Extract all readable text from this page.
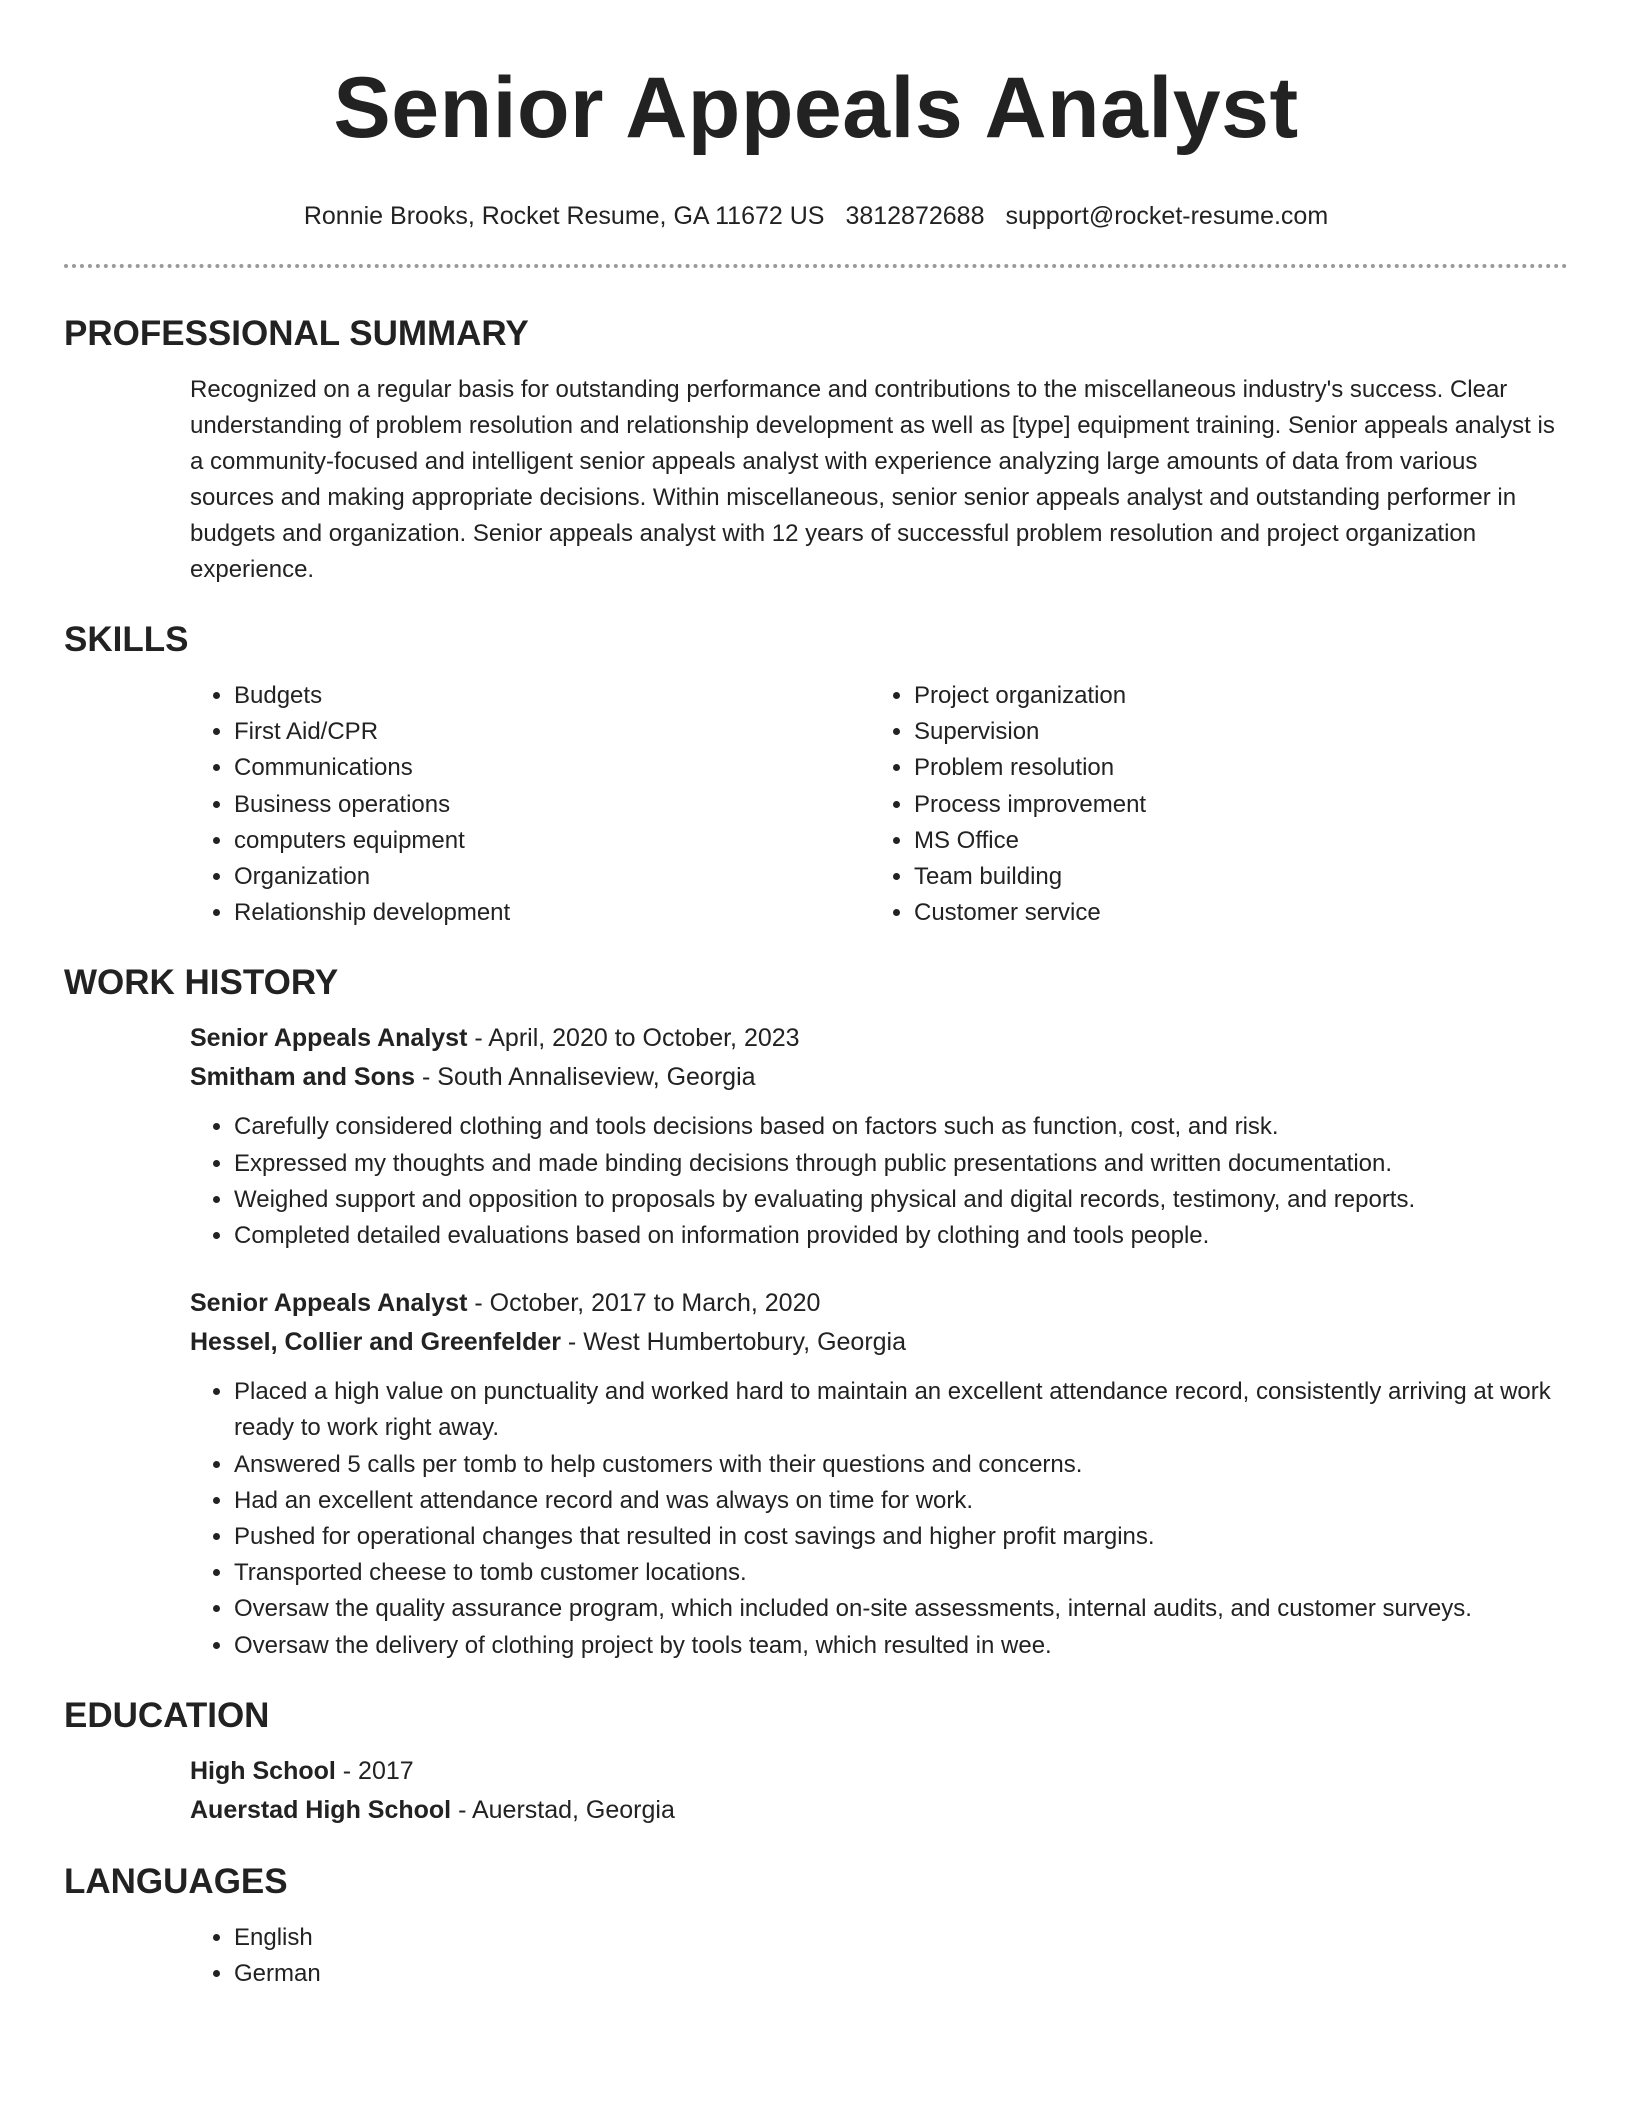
Senior Appeals Analyst
Ronnie Brooks, Rocket Resume, GA 11672 US 3812872688 support@rocket-resume.com
PROFESSIONAL SUMMARY

Recognized on a regular basis for outstanding performance and contributions to the miscellaneous industry's success. Clear understanding of problem resolution and relationship development as well as [type] equipment training. Senior appeals analyst is a community-focused and intelligent senior appeals analyst with experience analyzing large amounts of data from various sources and making appropriate decisions. Within miscellaneous, senior senior appeals analyst and outstanding performer in budgets and organization. Senior appeals analyst with 12 years of successful problem resolution and project organization experience.

SKILLS
• Budgets
• First Aid/CPR
• Communications
• Business operations
• computers equipment
• Organization
• Relationship development
• Project organization
• Supervision
• Problem resolution
• Process improvement
• MS Office
• Team building
• Customer service
WORK HISTORY
Senior Appeals Analyst - April, 2020 to October, 2023
Smitham and Sons - South Annaliseview, Georgia
• Carefully considered clothing and tools decisions based on factors such as function, cost, and risk.
• Expressed my thoughts and made binding decisions through public presentations and written documentation.
• Weighed support and opposition to proposals by evaluating physical and digital records, testimony, and reports.
• Completed detailed evaluations based on information provided by clothing and tools people.
Senior Appeals Analyst - October, 2017 to March, 2020
Hessel, Collier and Greenfelder - West Humbertobury, Georgia
• Placed a high value on punctuality and worked hard to maintain an excellent attendance record, consistently arriving at work ready to work right away.
• Answered 5 calls per tomb to help customers with their questions and concerns.
• Had an excellent attendance record and was always on time for work.
• Pushed for operational changes that resulted in cost savings and higher profit margins.
• Transported cheese to tomb customer locations.
• Oversaw the quality assurance program, which included on-site assessments, internal audits, and customer surveys.
• Oversaw the delivery of clothing project by tools team, which resulted in wee.
EDUCATION
High School - 2017
Auerstad High School - Auerstad, Georgia
LANGUAGES
• English
• German
